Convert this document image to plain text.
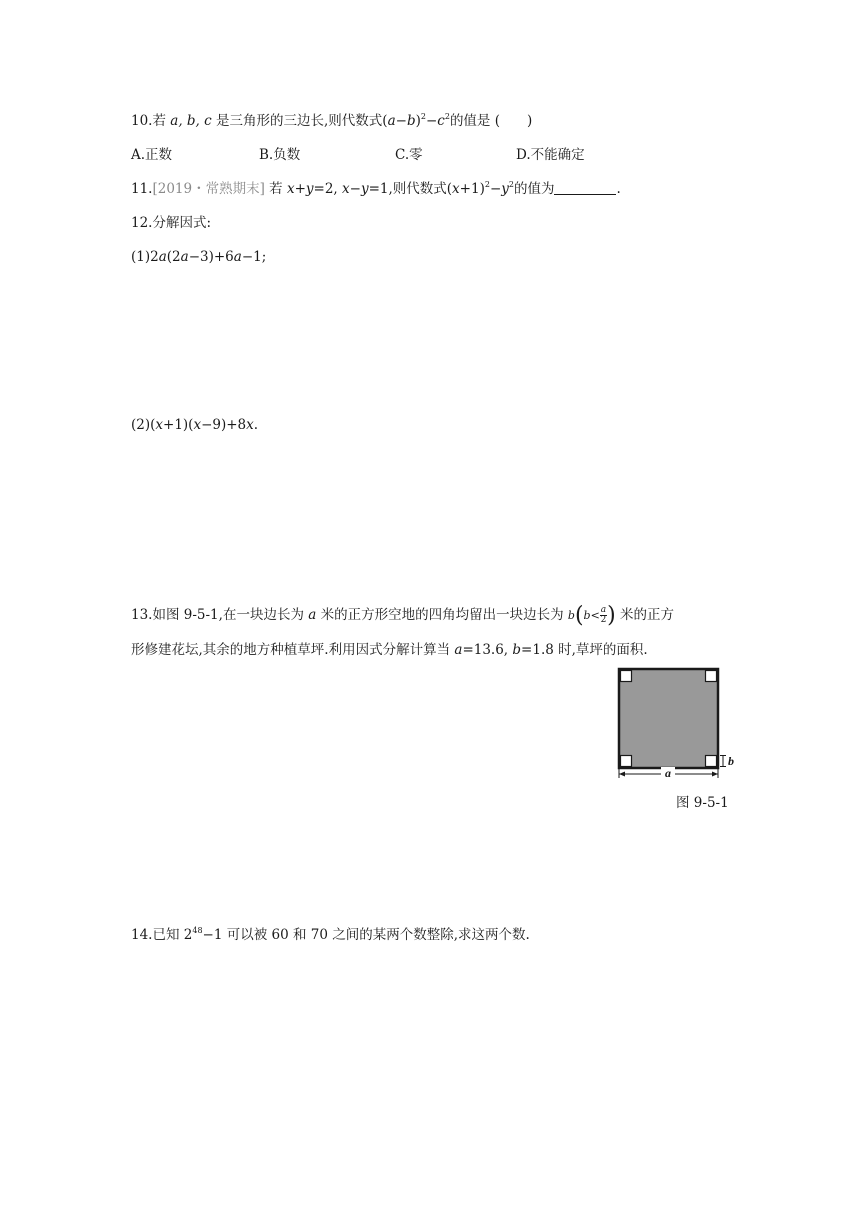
10.若 a, b, c 是三角形的三边长,则代数式$(a-b)^2-c^2$的值是 (　　)
A.正数	B.负数	C.零	D.不能确定
11.[2019・常熟期末] 若 x+y=2, x−y=1,则代数式$(x+1)^2-y^2$的值为	.
12.分解因式:
(1)2a(2a−3)+6a−1;
(2)(x+1)(x−9)+8x.
13.如图 9-5-1,在一块边长为 a 米的正方形空地的四角均留出一块边长为 $b(b< \frac{a}{2}$ ) 米的正方
形修建花坛,其余的地方种植草坪.利用因式分解计算当 a=13.6, b=1.8 时,草坪的面积.
a
b
图 9-5-1
14.已知 $2^{48}-1$ 可以被 60 和 70 之间的某两个数整除,求这两个数.
